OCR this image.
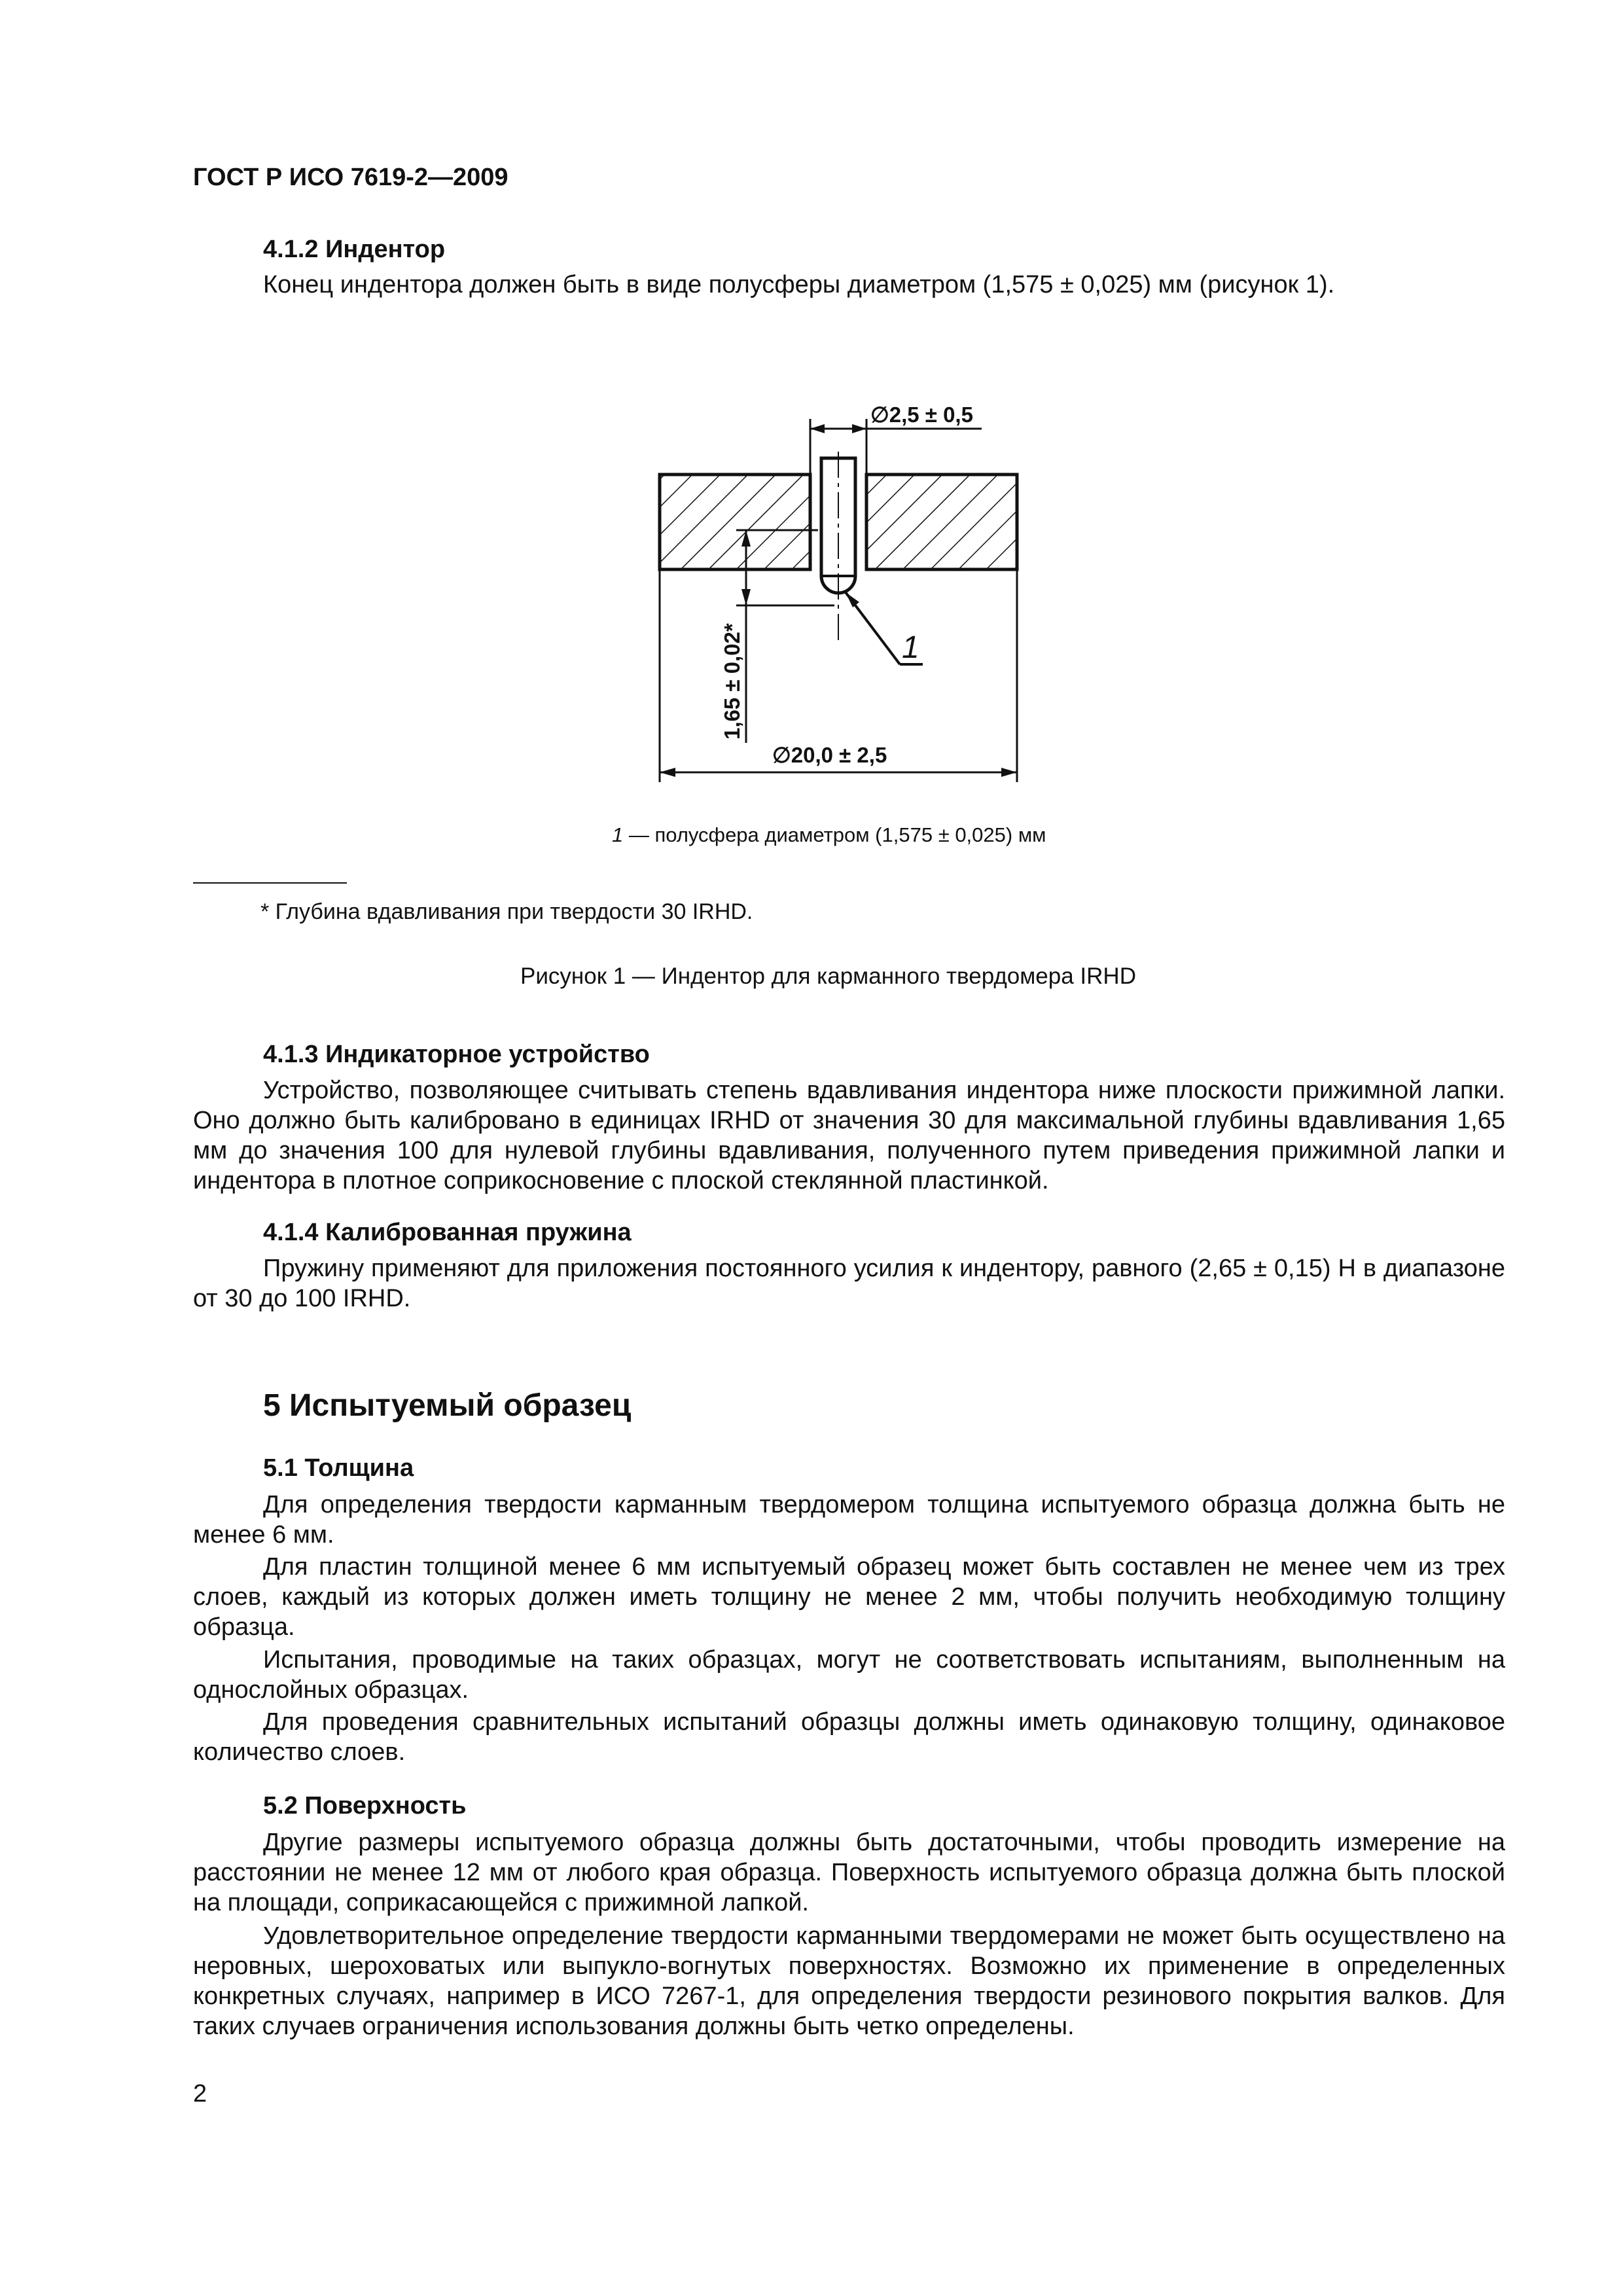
ГОСТ Р ИСО 7619-2—2009
4.1.2 Индентор
Конец индентора должен быть в виде полусферы диаметром (1,575 ± 0,025) мм (рисунок 1).
∅2,5 ± 0,5
1,65 ± 0,02*
∅20,0 ± 2,5
1
1 — полусфера диаметром (1,575 ± 0,025) мм
* Глубина вдавливания при твердости 30 IRHD.
Рисунок 1 — Индентор для карманного твердомера IRHD
4.1.3 Индикаторное устройство
Устройство, позволяющее считывать степень вдавливания индентора ниже плоскости прижимной лапки. Оно должно быть калибровано в единицах IRHD от значения 30 для максимальной глубины вдавливания 1,65 мм до значения 100 для нулевой глубины вдавливания, полученного путем приведения прижимной лапки и индентора в плотное соприкосновение с плоской стеклянной пластинкой.
4.1.4 Калиброванная пружина
Пружину применяют для приложения постоянного усилия к индентору, равного (2,65 ± 0,15) Н в диапазоне от 30 до 100 IRHD.
5 Испытуемый образец
5.1 Толщина
Для определения твердости карманным твердомером толщина испытуемого образца должна быть не менее 6 мм.
Для пластин толщиной менее 6 мм испытуемый образец может быть составлен не менее чем из трех слоев, каждый из которых должен иметь толщину не менее 2 мм, чтобы получить необходимую толщину образца.
Испытания, проводимые на таких образцах, могут не соответствовать испытаниям, выполненным на однослойных образцах.
Для проведения сравнительных испытаний образцы должны иметь одинаковую толщину, одинаковое количество слоев.
5.2 Поверхность
Другие размеры испытуемого образца должны быть достаточными, чтобы проводить измерение на расстоянии не менее 12 мм от любого края образца. Поверхность испытуемого образца должна быть плоской на площади, соприкасающейся с прижимной лапкой.
Удовлетворительное определение твердости карманными твердомерами не может быть осуществлено на неровных, шероховатых или выпукло-вогнутых поверхностях. Возможно их применение в определенных конкретных случаях, например в ИСО 7267-1, для определения твердости резинового покрытия валков. Для таких случаев ограничения использования должны быть четко определены.
2
